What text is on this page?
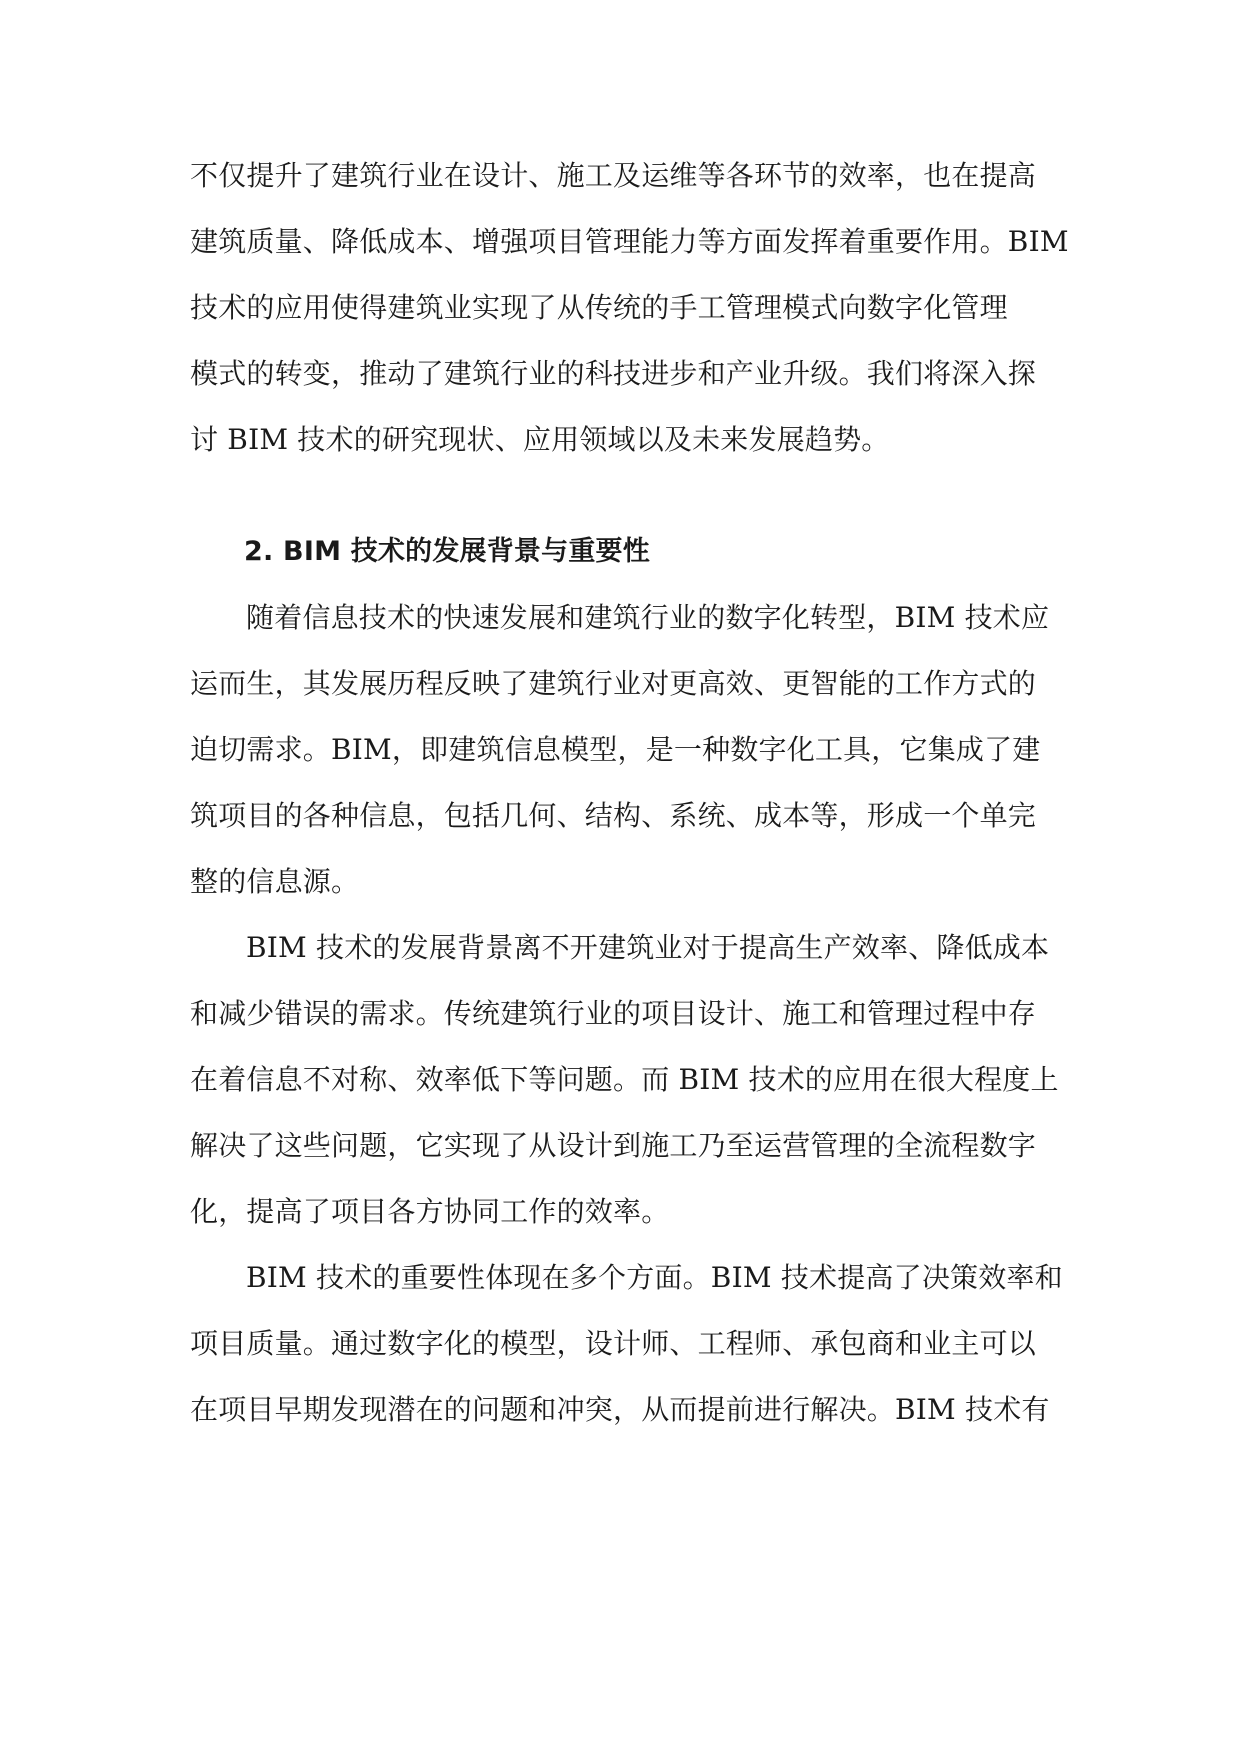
不仅提升了建筑行业在设计、施工及运维等各环节的效率，也在提高
建筑质量、降低成本、增强项目管理能力等方面发挥着重要作用。BIM
技术的应用使得建筑业实现了从传统的手工管理模式向数字化管理
模式的转变，推动了建筑行业的科技进步和产业升级。我们将深入探
讨 BIM 技术的研究现状、应用领域以及未来发展趋势。
2. BIM 技术的发展背景与重要性
随着信息技术的快速发展和建筑行业的数字化转型，BIM 技术应
运而生，其发展历程反映了建筑行业对更高效、更智能的工作方式的
迫切需求。BIM，即建筑信息模型，是一种数字化工具，它集成了建
筑项目的各种信息，包括几何、结构、系统、成本等，形成一个单完
整的信息源。
BIM 技术的发展背景离不开建筑业对于提高生产效率、降低成本
和减少错误的需求。传统建筑行业的项目设计、施工和管理过程中存
在着信息不对称、效率低下等问题。而 BIM 技术的应用在很大程度上
解决了这些问题，它实现了从设计到施工乃至运营管理的全流程数字
化，提高了项目各方协同工作的效率。
BIM 技术的重要性体现在多个方面。BIM 技术提高了决策效率和
项目质量。通过数字化的模型，设计师、工程师、承包商和业主可以
在项目早期发现潜在的问题和冲突，从而提前进行解决。BIM 技术有
